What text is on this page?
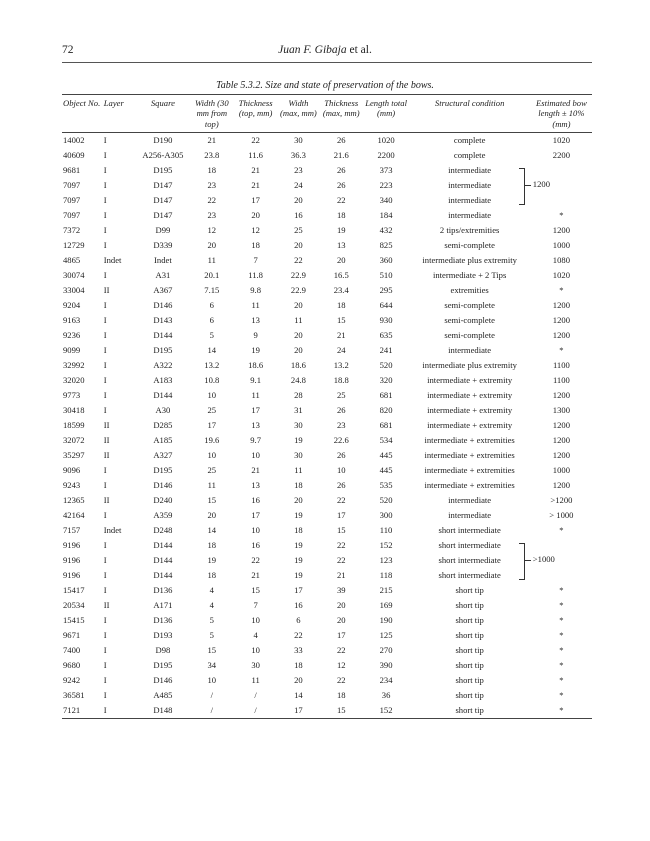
72	Juan F. Gibaja et al.
Table 5.3.2. Size and state of preservation of the bows.
Object No.	Layer	Square	Width (30 mm from top)	Thickness (top, mm)	Width (max, mm)	Thickness (max, mm)	Length total (mm)	Structural condition	Estimated bow length ± 10% (mm)
14002	I	D190	21	22	30	26	1020	complete	1020
40609	I	A256-A305	23.8	11.6	36.3	21.6	2200	complete	2200
9681	I	D195	18	21	23	26	373	intermediate	
7097	I	D147	23	21	24	26	223	intermediate	
7097	I	D147	22	17	20	22	340	intermediate	
7097	I	D147	23	20	16	18	184	intermediate	*
7372	I	D99	12	12	25	19	432	2 tips/extremities	1200
12729	I	D339	20	18	20	13	825	semi-complete	1000
4865	Indet	Indet	11	7	22	20	360	intermediate plus extremity	1080
30074	I	A31	20.1	11.8	22.9	16.5	510	intermediate + 2 Tips	1020
33004	II	A367	7.15	9.8	22.9	23.4	295	extremities	*
9204	I	D146	6	11	20	18	644	semi-complete	1200
9163	I	D143	6	13	11	15	930	semi-complete	1200
9236	I	D144	5	9	20	21	635	semi-complete	1200
9099	I	D195	14	19	20	24	241	intermediate	*
32992	I	A322	13.2	18.6	18.6	13.2	520	intermediate plus extremity	1100
32020	I	A183	10.8	9.1	24.8	18.8	320	intermediate + extremity	1100
9773	I	D144	10	11	28	25	681	intermediate + extremity	1200
30418	I	A30	25	17	31	26	820	intermediate + extremity	1300
18599	II	D285	17	13	30	23	681	intermediate + extremity	1200
32072	II	A185	19.6	9.7	19	22.6	534	intermediate + extremities	1200
35297	II	A327	10	10	30	26	445	intermediate + extremities	1200
9096	I	D195	25	21	11	10	445	intermediate + extremities	1000
9243	I	D146	11	13	18	26	535	intermediate + extremities	1200
12365	II	D240	15	16	20	22	520	intermediate	>1200
42164	I	A359	20	17	19	17	300	intermediate	> 1000
7157	Indet	D248	14	10	18	15	110	short intermediate	*
9196	I	D144	18	16	19	22	152	short intermediate	
9196	I	D144	19	22	19	22	123	short intermediate	
9196	I	D144	18	21	19	21	118	short intermediate	
15417	I	D136	4	15	17	39	215	short tip	*
20534	II	A171	4	7	16	20	169	short tip	*
15415	I	D136	5	10	6	20	190	short tip	*
9671	I	D193	5	4	22	17	125	short tip	*
7400	I	D98	15	10	33	22	270	short tip	*
9680	I	D195	34	30	18	12	390	short tip	*
9242	I	D146	10	11	20	22	234	short tip	*
36581	I	A485	/	/	14	18	36	short tip	*
7121	I	D148	/	/	17	15	152	short tip	*
1200
>1000
